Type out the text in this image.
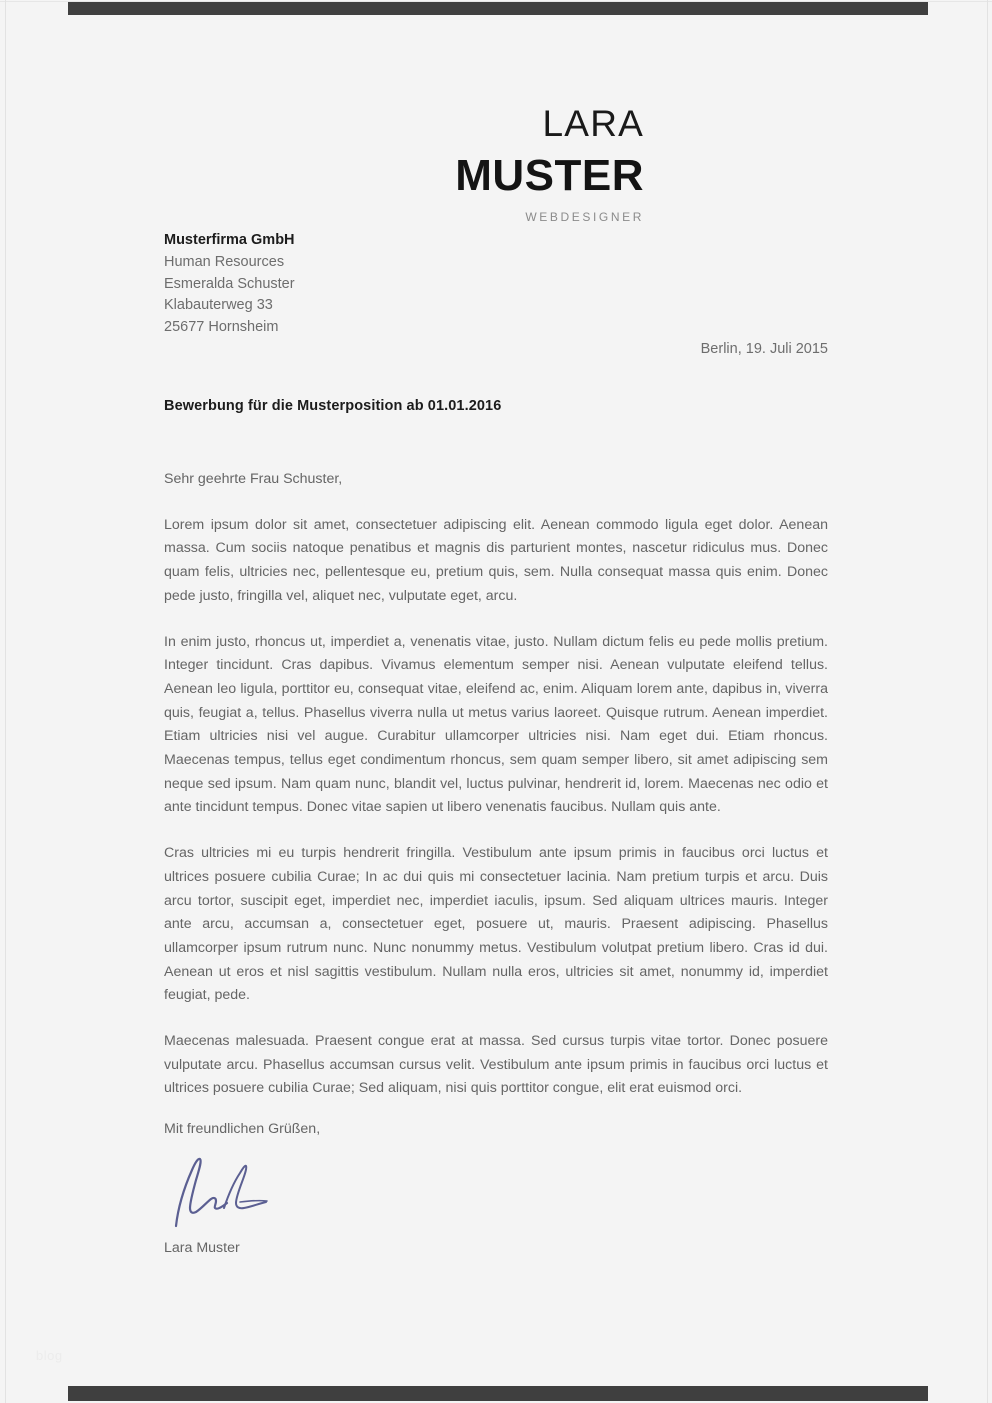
LARA
MUSTER
WEBDESIGNER
Musterfirma GmbH
Human Resources
Esmeralda Schuster
Klabauterweg 33
25677 Hornsheim
Berlin, 19. Juli 2015
Bewerbung für die Musterposition ab 01.01.2016

Sehr geehrte Frau Schuster,

Lorem ipsum dolor sit amet, consectetuer adipiscing elit. Aenean commodo ligula eget dolor. Aenean massa. Cum sociis natoque penatibus et magnis dis parturient montes, nascetur ridiculus mus. Donec quam felis, ultricies nec, pellentesque eu, pretium quis, sem. Nulla consequat massa quis enim. Donec pede justo, fringilla vel, aliquet nec, vulputate eget, arcu.

In enim justo, rhoncus ut, imperdiet a, venenatis vitae, justo. Nullam dictum felis eu pede mollis pretium. Integer tincidunt. Cras dapibus. Vivamus elementum semper nisi. Aenean vulputate eleifend tellus. Aenean leo ligula, porttitor eu, consequat vitae, eleifend ac, enim. Aliquam lorem ante, dapibus in, viverra quis, feugiat a, tellus. Phasellus viverra nulla ut metus varius laoreet. Quisque rutrum. Aenean imperdiet. Etiam ultricies nisi vel augue. Curabitur ullamcorper ultricies nisi. Nam eget dui. Etiam rhoncus. Maecenas tempus, tellus eget condimentum rhoncus, sem quam semper libero, sit amet adipiscing sem neque sed ipsum. Nam quam nunc, blandit vel, luctus pulvinar, hendrerit id, lorem. Maecenas nec odio et ante tincidunt tempus. Donec vitae sapien ut libero venenatis faucibus. Nullam quis ante.

Cras ultricies mi eu turpis hendrerit fringilla. Vestibulum ante ipsum primis in faucibus orci luctus et ultrices posuere cubilia Curae; In ac dui quis mi consectetuer lacinia. Nam pretium turpis et arcu. Duis arcu tortor, suscipit eget, imperdiet nec, imperdiet iaculis, ipsum. Sed aliquam ultrices mauris. Integer ante arcu, accumsan a, consectetuer eget, posuere ut, mauris. Praesent adipiscing. Phasellus ullamcorper ipsum rutrum nunc. Nunc nonummy metus. Vestibulum volutpat pretium libero. Cras id dui. Aenean ut eros et nisl sagittis vestibulum. Nullam nulla eros, ultricies sit amet, nonummy id, imperdiet feugiat, pede.

Maecenas malesuada. Praesent congue erat at massa. Sed cursus turpis vitae tortor. Donec posuere vulputate arcu. Phasellus accumsan cursus velit. Vestibulum ante ipsum primis in faucibus orci luctus et ultrices posuere cubilia Curae; Sed aliquam, nisi quis porttitor congue, elit erat euismod orci.

Mit freundlichen Grüßen,
Lara Muster
blog
